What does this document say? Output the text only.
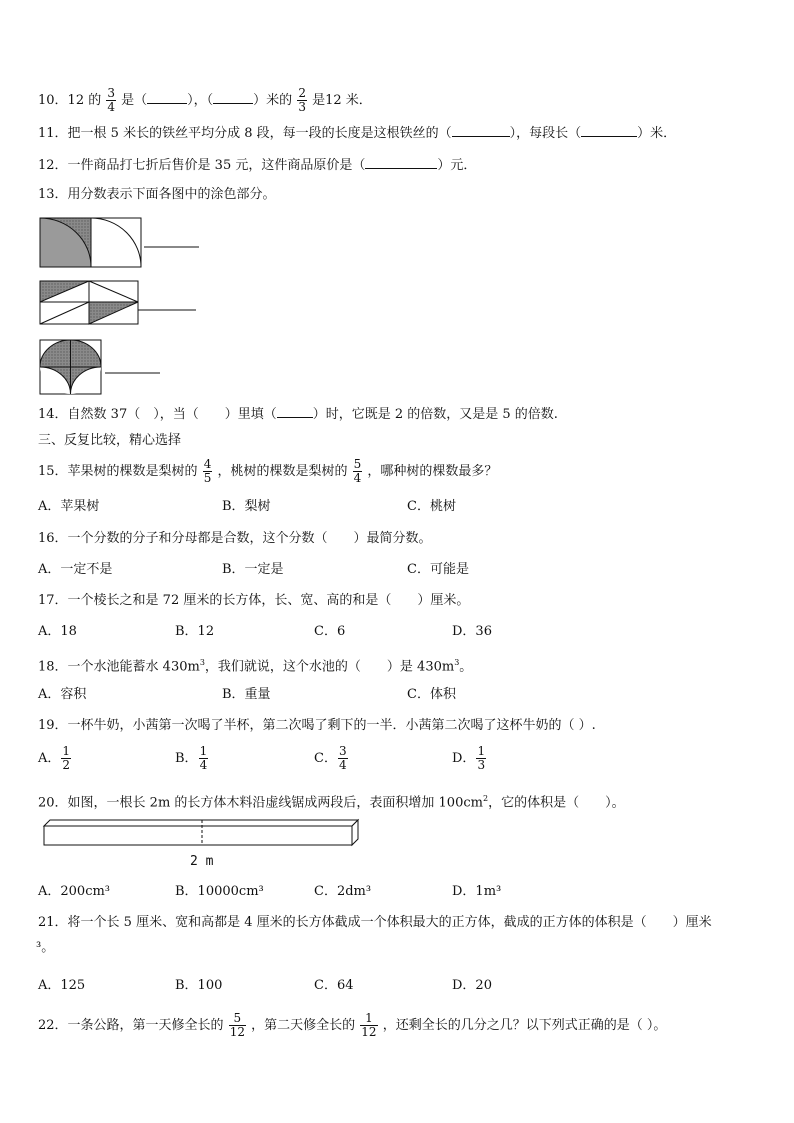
10．12 的 $\frac{3}{4}$ 是（	），（	）米的 $\frac{2}{3}$ 是12 米．
11．把一根 5 米长的铁丝平均分成 8 段，每一段的长度是这根铁丝的（	），每段长（	）米．
12．一件商品打七折后售价是 35 元，这件商品原价是（	）元．
13．用分数表示下面各图中的涂色部分。
14．自然数 37（　），当（　　）里填（	）时，它既是 2 的倍数，又是是 5 的倍数.
三、反复比较，精心选择
15．苹果树的棵数是梨树的 $\frac{4}{5}$ ，桃树的棵数是梨树的 $\frac{5}{4}$ ，哪种树的棵数最多？
A．苹果树	B．梨树	C．桃树
16．一个分数的分子和分母都是合数，这个分数（　　）最简分数。
A．一定不是	B．一定是	C．可能是
17．一个棱长之和是 72 厘米的长方体，长、宽、高的和是（　　）厘米。
A．18	B．12	C．6	D．36
18．一个水池能蓄水 $430m^3$，我们就说，这个水池的（　　）是 $430m^3$。
A．容积	B．重量	C．体积
19．一杯牛奶，小茜第一次喝了半杯，第二次喝了剩下的一半．小茜第二次喝了这杯牛奶的（ ）.
A． $\frac{1}{2}$	B． $\frac{1}{4}$	C． $\frac{3}{4}$	D． $\frac{1}{3}$
20．如图，一根长 2m 的长方体木料沿虚线锯成两段后，表面积增加 $100cm^2$，它的体积是（　　）。
2 m
A．200cm³	B．10000cm³	C．2dm³	D．1m³
21．将一个长 5 厘米、宽和高都是 4 厘米的长方体截成一个体积最大的正方体，截成的正方体的体积是（　　）厘米
³。
A．125	B．100	C．64	D．20
22．一条公路，第一天修全长的 $\frac{5}{12}$ ，第二天修全长的 $\frac{1}{12}$ ，还剩全长的几分之几？以下列式正确的是（ ）。
